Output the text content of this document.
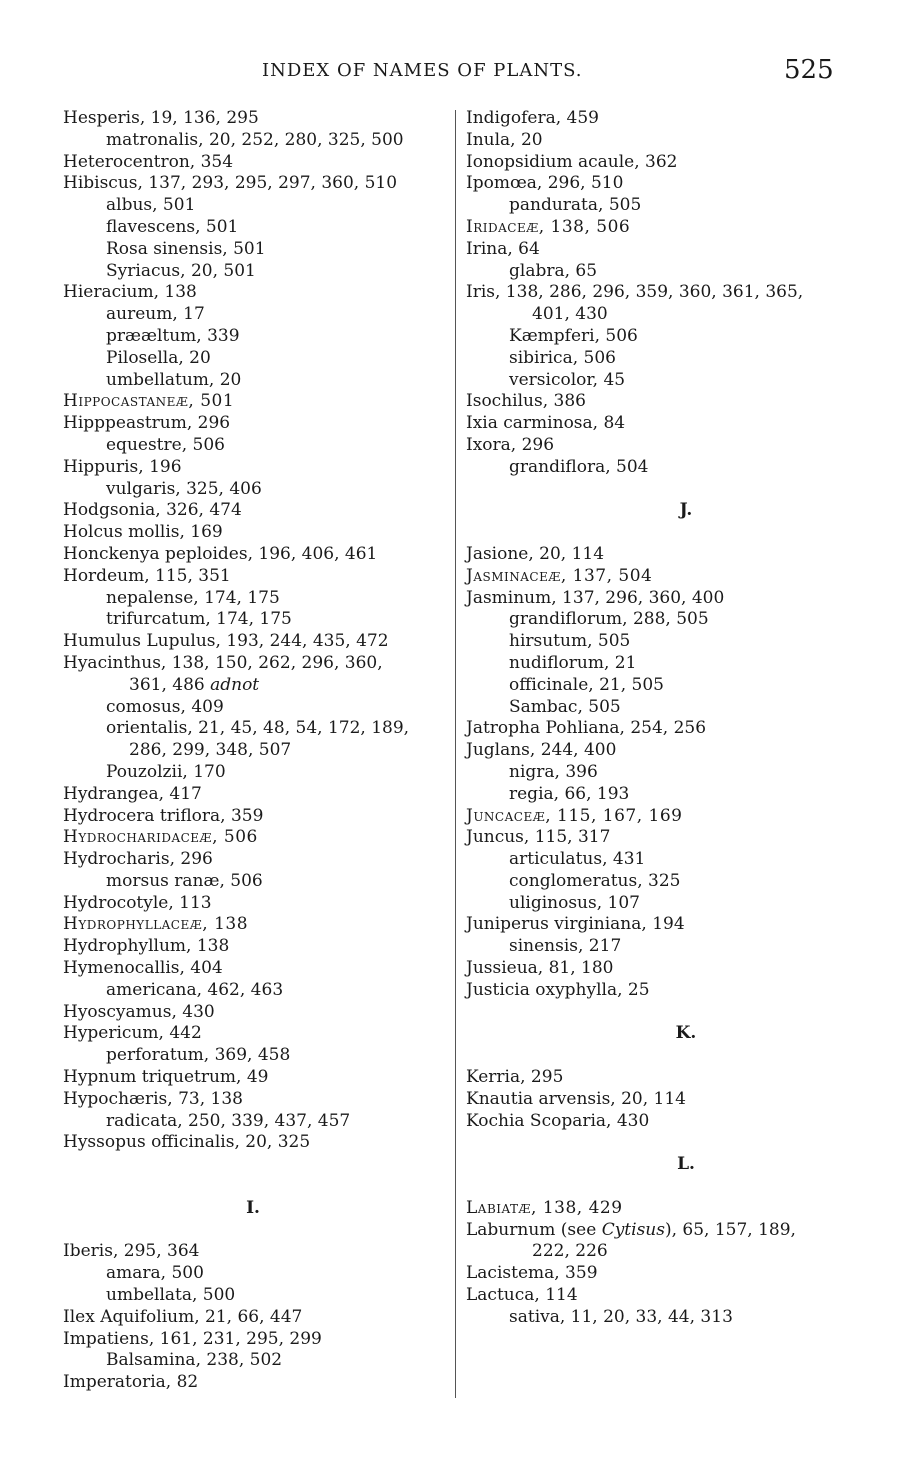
INDEX OF NAMES OF PLANTS.	525
Hesperis, 19, 136, 295
matronalis, 20, 252, 280, 325, 500
Heterocentron, 354
Hibiscus, 137, 293, 295, 297, 360, 510
albus, 501
flavescens, 501
Rosa sinensis, 501
Syriacus, 20, 501
Hieracium, 138
aureum, 17
prææltum, 339
Pilosella, 20
umbellatum, 20
Hippocastaneæ, 501
Hipppeastrum, 296
equestre, 506
Hippuris, 196
vulgaris, 325, 406
Hodgsonia, 326, 474
Holcus mollis, 169
Honckenya peploides, 196, 406, 461
Hordeum, 115, 351
nepalense, 174, 175
trifurcatum, 174, 175
Humulus Lupulus, 193, 244, 435, 472
Hyacinthus, 138, 150, 262, 296, 360,
361, 486 adnot
comosus, 409
orientalis, 21, 45, 48, 54, 172, 189,
286, 299, 348, 507
Pouzolzii, 170
Hydrangea, 417
Hydrocera triflora, 359
Hydrocharidaceæ, 506
Hydrocharis, 296
morsus ranæ, 506
Hydrocotyle, 113
Hydrophyllaceæ, 138
Hydrophyllum, 138
Hymenocallis, 404
americana, 462, 463
Hyoscyamus, 430
Hypericum, 442
perforatum, 369, 458
Hypnum triquetrum, 49
Hypochæris, 73, 138
radicata, 250, 339, 437, 457
Hyssopus officinalis, 20, 325
I.
Iberis, 295, 364
amara, 500
umbellata, 500
Ilex Aquifolium, 21, 66, 447
Impatiens, 161, 231, 295, 299
Balsamina, 238, 502
Imperatoria, 82
Indigofera, 459
Inula, 20
Ionopsidium acaule, 362
Ipomœa, 296, 510
pandurata, 505
Iridaceæ, 138, 506
Irina, 64
glabra, 65
Iris, 138, 286, 296, 359, 360, 361, 365,
401, 430
Kæmpferi, 506
sibirica, 506
versicolor, 45
Isochilus, 386
Ixia carminosa, 84
Ixora, 296
grandiflora, 504
J.
Jasione, 20, 114
Jasminaceæ, 137, 504
Jasminum, 137, 296, 360, 400
grandiflorum, 288, 505
hirsutum, 505
nudiflorum, 21
officinale, 21, 505
Sambac, 505
Jatropha Pohliana, 254, 256
Juglans, 244, 400
nigra, 396
regia, 66, 193
Juncaceæ, 115, 167, 169
Juncus, 115, 317
articulatus, 431
conglomeratus, 325
uliginosus, 107
Juniperus virginiana, 194
sinensis, 217
Jussieua, 81, 180
Justicia oxyphylla, 25
K.
Kerria, 295
Knautia arvensis, 20, 114
Kochia Scoparia, 430
L.
Labiatæ, 138, 429
Laburnum (see Cytisus), 65, 157, 189,
222, 226
Lacistema, 359
Lactuca, 114
sativa, 11, 20, 33, 44, 313
